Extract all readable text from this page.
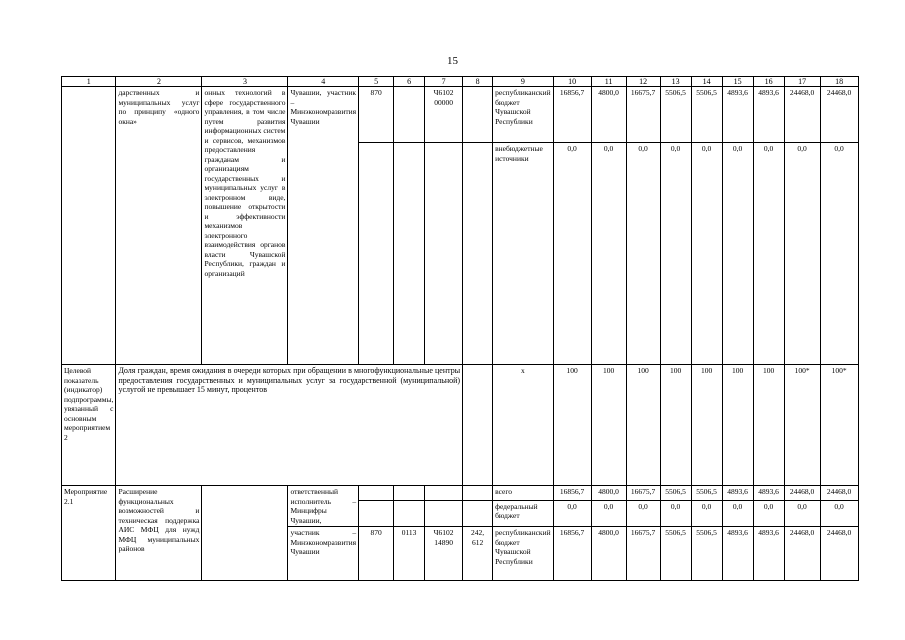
15
1	2	3	4	5	6	7	8	9	10	11	12	13	14	15	16	17	18
	дарственных и муниципальных услуг по принципу «одного окна»	онных технологий в сфере государственного управления, в том числе путем развития информационных систем и сервисов, механизмов предоставления гражданам и организациям государственных и муниципальных услуг в электронном виде, повышение открытости и эффективности механизмов электронного взаимодействия органов власти Чувашской Республики, граждан и организаций	Чувашии, участник – Минэкономразвития Чувашии	870		Ч6102 00000		республиканский бюджет Чувашской Республики	16856,7	4800,0	16675,7	5506,5	5506,5	4893,6	4893,6	24468,0	24468,0
								внебюджетные источники	0,0	0,0	0,0	0,0	0,0	0,0	0,0	0,0	0,0
Целевой показатель (индикатор) подпрограммы, увязанный с основным мероприятием 2	Доля граждан, время ожидания в очереди которых при обращении в многофункциональные центры предоставления государственных и муниципальных услуг за государственной (муниципальной) услугой не превышает 15 минут, процентов							х	100	100	100	100	100	100	100	100*	100*
Мероприятие 2.1	Расширение функциональных возможностей и техническая поддержка АИС МФЦ для нужд МФЦ муниципальных районов		ответственный исполнитель – Минцифры Чувашии,					всего	16856,7	4800,0	16675,7	5506,5	5506,5	4893,6	4893,6	24468,0	24468,0
								федеральный бюджет	0,0	0,0	0,0	0,0	0,0	0,0	0,0	0,0	0,0
			участник – Минэкономразвития Чувашии	870	0113	Ч6102 14890	242, 612	республиканский бюджет Чувашской Республики	16856,7	4800,0	16675,7	5506,5	5506,5	4893,6	4893,6	24468,0	24468,0
